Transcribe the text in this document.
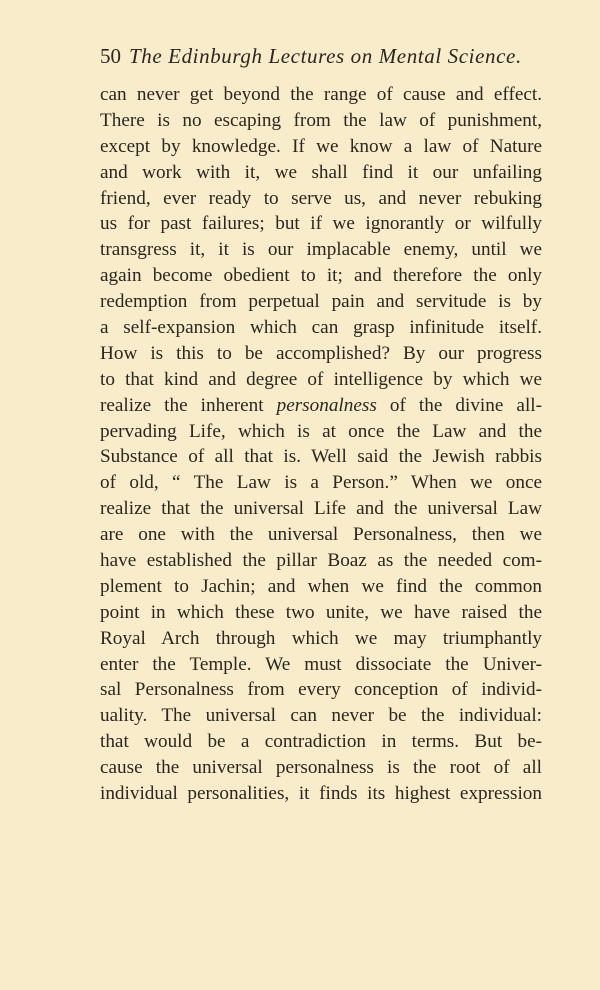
50 The Edinburgh Lectures on Mental Science.
can never get beyond the range of cause and effect.
There is no escaping from the law of punishment,
except by knowledge. If we know a law of Nature
and work with it, we shall find it our unfailing
friend, ever ready to serve us, and never rebuking
us for past failures; but if we ignorantly or wilfully
transgress it, it is our implacable enemy, until we
again become obedient to it; and therefore the only
redemption from perpetual pain and servitude is by
a self-expansion which can grasp infinitude itself.
How is this to be accomplished? By our progress
to that kind and degree of intelligence by which we
realize the inherent personalness of the divine all-
pervading Life, which is at once the Law and the
Substance of all that is. Well said the Jewish rabbis
of old, “ The Law is a Person.” When we once
realize that the universal Life and the universal Law
are one with the universal Personalness, then we
have established the pillar Boaz as the needed com-
plement to Jachin; and when we find the common
point in which these two unite, we have raised the
Royal Arch through which we may triumphantly
enter the Temple. We must dissociate the Univer-
sal Personalness from every conception of individ-
uality. The universal can never be the individual:
that would be a contradiction in terms. But be-
cause the universal personalness is the root of all
individual personalities, it finds its highest expression
